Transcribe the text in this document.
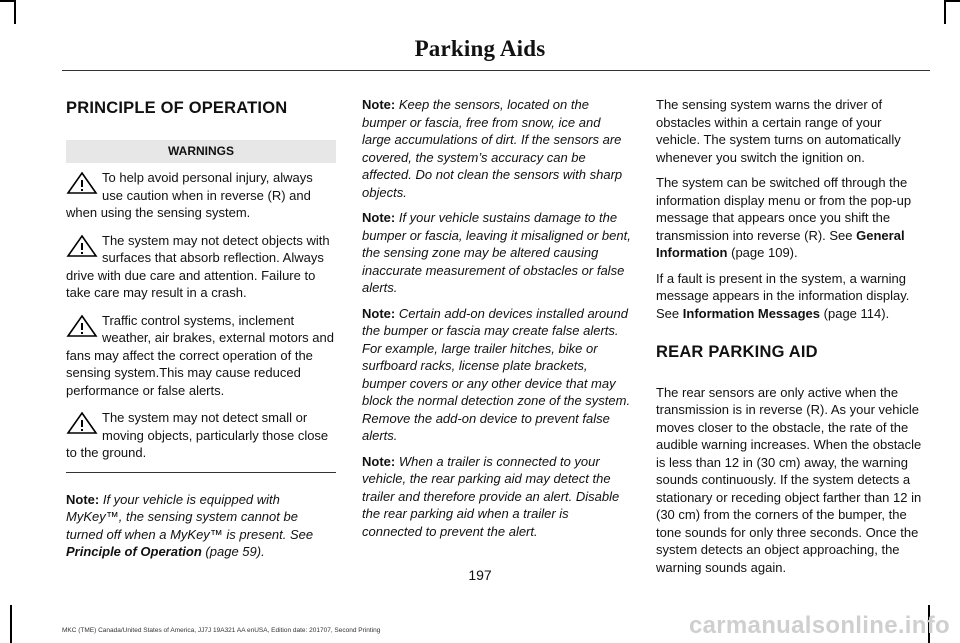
Parking Aids
PRINCIPLE OF OPERATION
WARNINGS
To help avoid personal injury, always use caution when in reverse (R) and when using the sensing system.
The system may not detect objects with surfaces that absorb reflection. Always drive with due care and attention. Failure to take care may result in a crash.
Traffic control systems, inclement weather, air brakes, external motors and fans may affect the correct operation of the sensing system.This may cause reduced performance or false alerts.
The system may not detect small or moving objects, particularly those close to the ground.

Note: If your vehicle is equipped with MyKey™, the sensing system cannot be turned off when a MyKey™ is present. See Principle of Operation (page 59).

Note: Keep the sensors, located on the bumper or fascia, free from snow, ice and large accumulations of dirt. If the sensors are covered, the system’s accuracy can be affected. Do not clean the sensors with sharp objects.

Note: If your vehicle sustains damage to the bumper or fascia, leaving it misaligned or bent, the sensing zone may be altered causing inaccurate measurement of obstacles or false alerts.

Note: Certain add-on devices installed around the bumper or fascia may create false alerts. For example, large trailer hitches, bike or surfboard racks, license plate brackets, bumper covers or any other device that may block the normal detection zone of the system. Remove the add-on device to prevent false alerts.

Note: When a trailer is connected to your vehicle, the rear parking aid may detect the trailer and therefore provide an alert. Disable the rear parking aid when a trailer is connected to prevent the alert.

The sensing system warns the driver of obstacles within a certain range of your vehicle. The system turns on automatically whenever you switch the ignition on.

The system can be switched off through the information display menu or from the pop-up message that appears once you shift the transmission into reverse (R). See General Information (page 109).

If a fault is present in the system, a warning message appears in the information display. See Information Messages (page 114).

REAR PARKING AID

The rear sensors are only active when the transmission is in reverse (R). As your vehicle moves closer to the obstacle, the rate of the audible warning increases. When the obstacle is less than 12 in (30 cm) away, the warning sounds continuously. If the system detects a stationary or receding object farther than 12 in (30 cm) from the corners of the bumper, the tone sounds for only three seconds. Once the system detects an object approaching, the warning sounds again.

197
MKC (TME) Canada/United States of America, JJ7J 19A321 AA enUSA, Edition date: 201707, Second Printing	carmanualsonline.info
